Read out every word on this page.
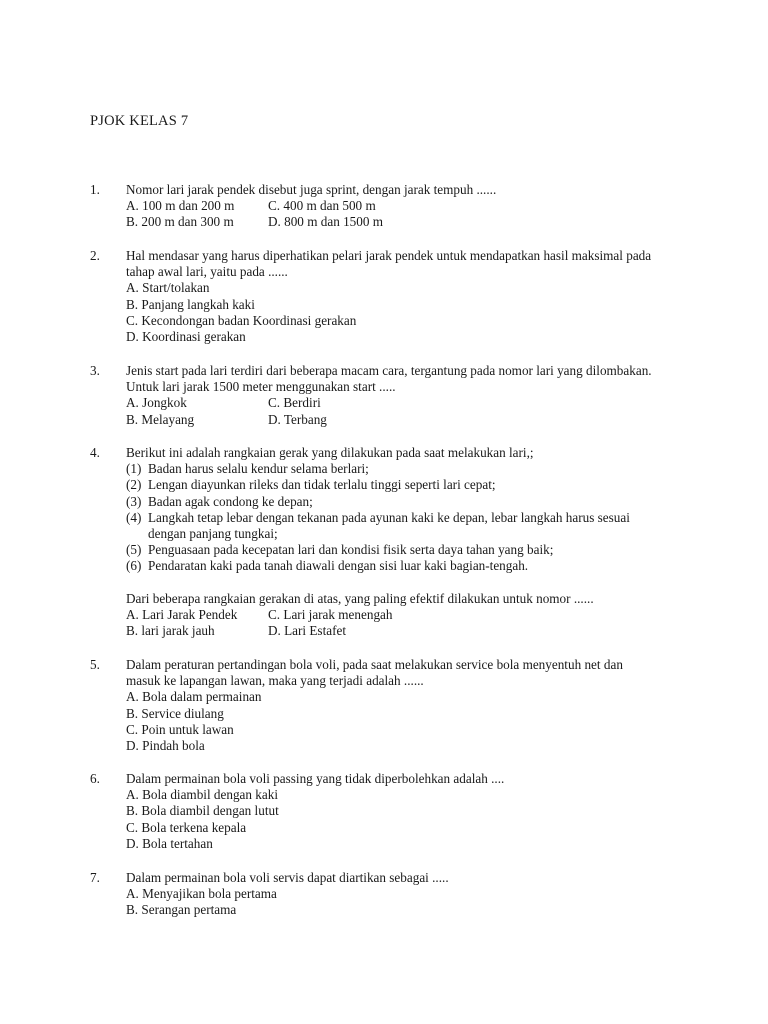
PJOK KELAS 7
1. Nomor lari jarak pendek disebut juga sprint, dengan jarak tempuh ......
A. 100 m dan 200 m	C. 400 m dan 500 m
B. 200 m dan 300 m	D. 800 m dan 1500 m
2. Hal mendasar yang harus diperhatikan pelari jarak pendek untuk mendapatkan hasil maksimal pada
tahap awal lari, yaitu pada ......
A. Start/tolakan
B. Panjang langkah kaki
C. Kecondongan badan Koordinasi gerakan
D. Koordinasi gerakan
3. Jenis start pada lari terdiri dari beberapa macam cara, tergantung pada nomor lari yang dilombakan.
Untuk lari jarak 1500 meter menggunakan start .....
A. Jongkok	C. Berdiri
B. Melayang	D. Terbang
4. Berikut ini adalah rangkaian gerak yang dilakukan pada saat melakukan lari,;
(1) Badan harus selalu kendur selama berlari;
(2) Lengan diayunkan rileks dan tidak terlalu tinggi seperti lari cepat;
(3) Badan agak condong ke depan;
(4) Langkah tetap lebar dengan tekanan pada ayunan kaki ke depan, lebar langkah harus sesuai
dengan panjang tungkai;
(5) Penguasaan pada kecepatan lari dan kondisi fisik serta daya tahan yang baik;
(6) Pendaratan kaki pada tanah diawali dengan sisi luar kaki bagian-tengah.
Dari beberapa rangkaian gerakan di atas, yang paling efektif dilakukan untuk nomor ......
A. Lari Jarak Pendek	C. Lari jarak menengah
B. lari jarak jauh	D. Lari Estafet
5. Dalam peraturan pertandingan bola voli, pada saat melakukan service bola menyentuh net dan
masuk ke lapangan lawan, maka yang terjadi adalah ......
A. Bola dalam permainan
B. Service diulang
C. Poin untuk lawan
D. Pindah bola
6. Dalam permainan bola voli passing yang tidak diperbolehkan adalah ....
A. Bola diambil dengan kaki
B. Bola diambil dengan lutut
C. Bola terkena kepala
D. Bola tertahan
7. Dalam permainan bola voli servis dapat diartikan sebagai .....
A. Menyajikan bola pertama
B. Serangan pertama
